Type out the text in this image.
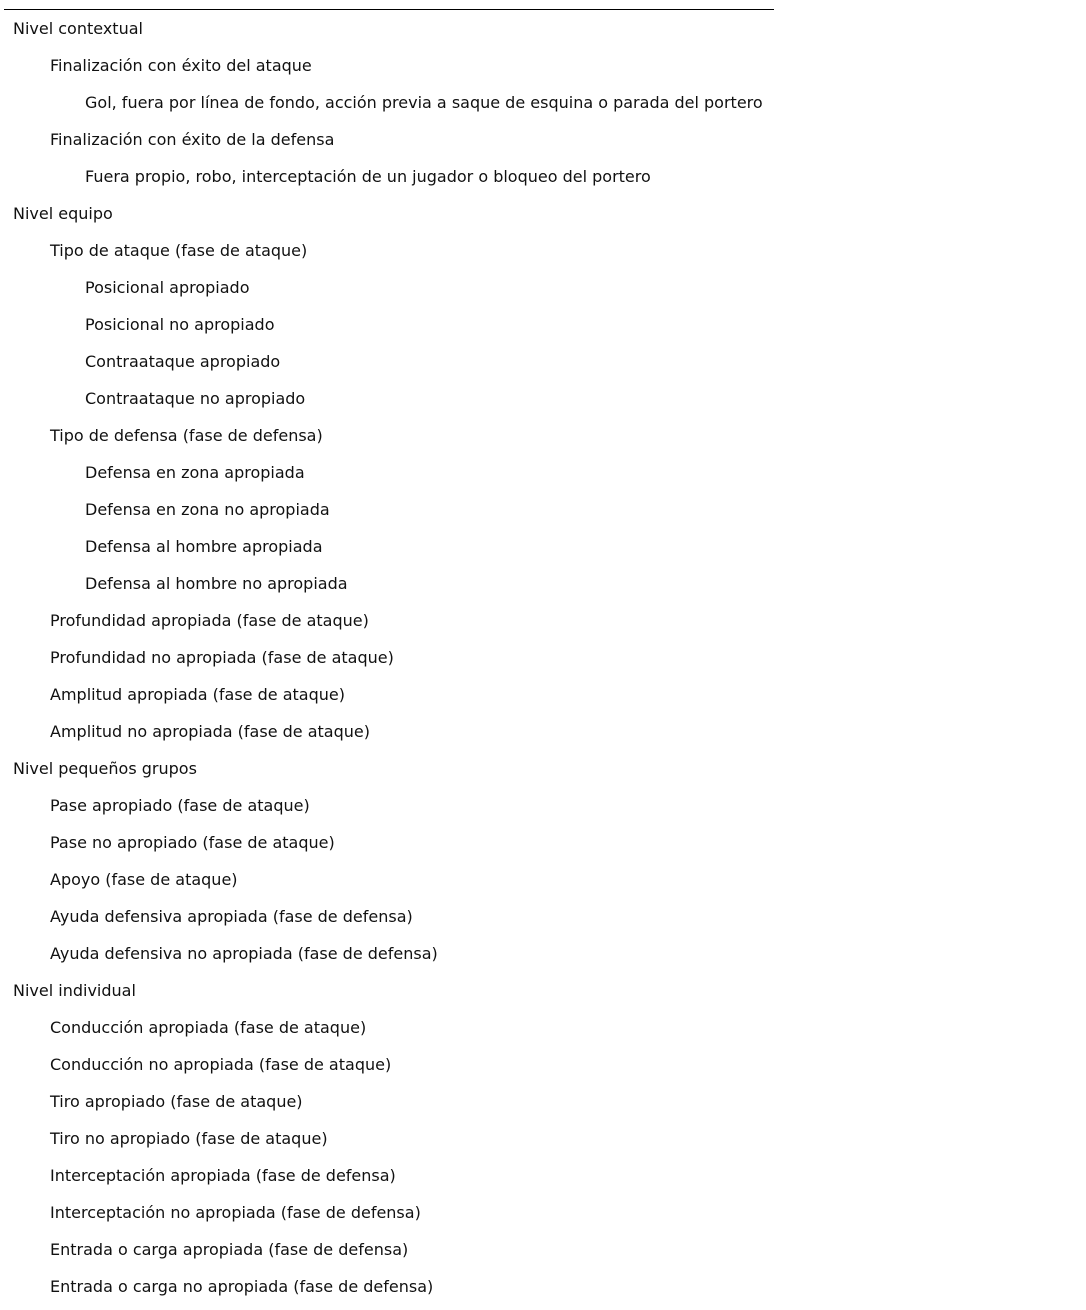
Nivel contextual
Finalización con éxito del ataque
Gol, fuera por línea de fondo, acción previa a saque de esquina o parada del portero
Finalización con éxito de la defensa
Fuera propio, robo, interceptación de un jugador o bloqueo del portero
Nivel equipo
Tipo de ataque (fase de ataque)
Posicional apropiado
Posicional no apropiado
Contraataque apropiado
Contraataque no apropiado
Tipo de defensa (fase de defensa)
Defensa en zona apropiada
Defensa en zona no apropiada
Defensa al hombre apropiada
Defensa al hombre no apropiada
Profundidad apropiada (fase de ataque)
Profundidad no apropiada (fase de ataque)
Amplitud apropiada (fase de ataque)
Amplitud no apropiada (fase de ataque)
Nivel pequeños grupos
Pase apropiado (fase de ataque)
Pase no apropiado (fase de ataque)
Apoyo (fase de ataque)
Ayuda defensiva apropiada (fase de defensa)
Ayuda defensiva no apropiada (fase de defensa)
Nivel individual
Conducción apropiada (fase de ataque)
Conducción no apropiada (fase de ataque)
Tiro apropiado (fase de ataque)
Tiro no apropiado (fase de ataque)
Interceptación apropiada (fase de defensa)
Interceptación no apropiada (fase de defensa)
Entrada o carga apropiada (fase de defensa)
Entrada o carga no apropiada (fase de defensa)
